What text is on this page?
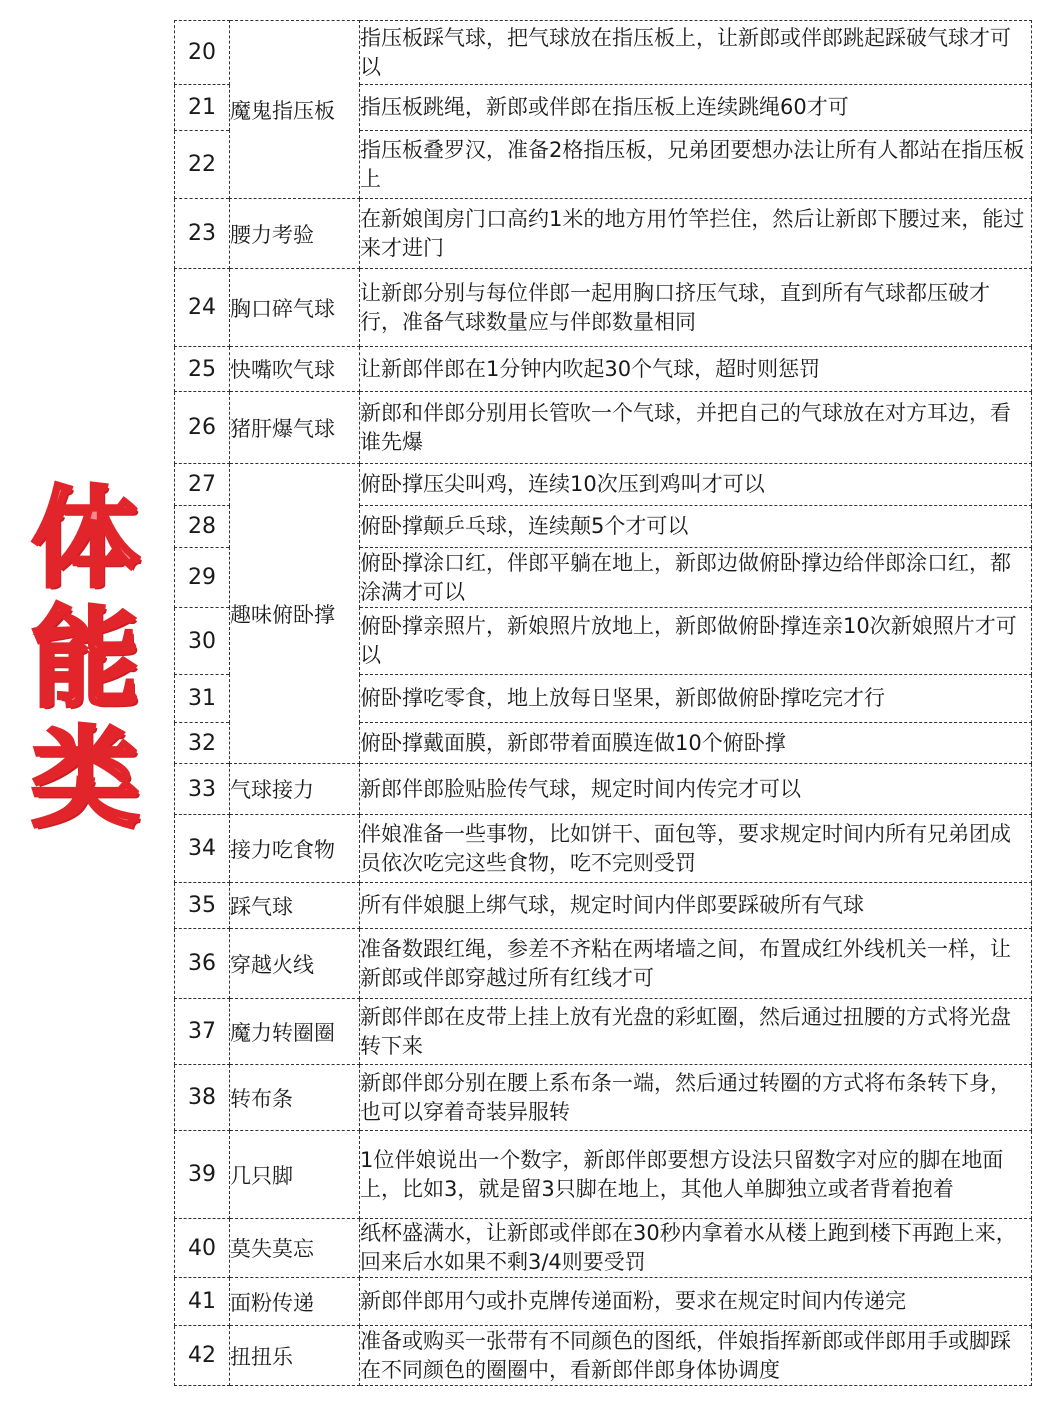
体
能
类
20	魔鬼指压板	指压板踩气球，把气球放在指压板上，让新郎或伴郎跳起踩破气球才可以
21		指压板跳绳，新郎或伴郎在指压板上连续跳绳60才可
22		指压板叠罗汉，准备2格指压板，兄弟团要想办法让所有人都站在指压板上
23	腰力考验	在新娘闺房门口高约1米的地方用竹竿拦住，然后让新郎下腰过来，能过来才进门
24	胸口碎气球	让新郎分别与每位伴郎一起用胸口挤压气球，直到所有气球都压破才行，准备气球数量应与伴郎数量相同
25	快嘴吹气球	让新郎伴郎在1分钟内吹起30个气球，超时则惩罚
26	猪肝爆气球	新郎和伴郎分别用长管吹一个气球，并把自己的气球放在对方耳边，看谁先爆
27	趣味俯卧撑	俯卧撑压尖叫鸡，连续10次压到鸡叫才可以
28		俯卧撑颠乒乓球，连续颠5个才可以
29		俯卧撑涂口红，伴郎平躺在地上，新郎边做俯卧撑边给伴郎涂口红，都涂满才可以
30		俯卧撑亲照片，新娘照片放地上，新郎做俯卧撑连亲10次新娘照片才可以
31		俯卧撑吃零食，地上放每日坚果，新郎做俯卧撑吃完才行
32		俯卧撑戴面膜，新郎带着面膜连做10个俯卧撑
33	气球接力	新郎伴郎脸贴脸传气球，规定时间内传完才可以
34	接力吃食物	伴娘准备一些事物，比如饼干、面包等，要求规定时间内所有兄弟团成员依次吃完这些食物，吃不完则受罚
35	踩气球	所有伴娘腿上绑气球，规定时间内伴郎要踩破所有气球
36	穿越火线	准备数跟红绳，参差不齐粘在两堵墙之间，布置成红外线机关一样，让新郎或伴郎穿越过所有红线才可
37	魔力转圈圈	新郎伴郎在皮带上挂上放有光盘的彩虹圈，然后通过扭腰的方式将光盘转下来
38	转布条	新郎伴郎分别在腰上系布条一端，然后通过转圈的方式将布条转下身，也可以穿着奇装异服转
39	几只脚	1位伴娘说出一个数字，新郎伴郎要想方设法只留数字对应的脚在地面上，比如3，就是留3只脚在地上，其他人单脚独立或者背着抱着
40	莫失莫忘	纸杯盛满水，让新郎或伴郎在30秒内拿着水从楼上跑到楼下再跑上来，回来后水如果不剩3/4则要受罚
41	面粉传递	新郎伴郎用勺或扑克牌传递面粉，要求在规定时间内传递完
42	扭扭乐	准备或购买一张带有不同颜色的图纸，伴娘指挥新郎或伴郎用手或脚踩在不同颜色的圈圈中，看新郎伴郎身体协调度
